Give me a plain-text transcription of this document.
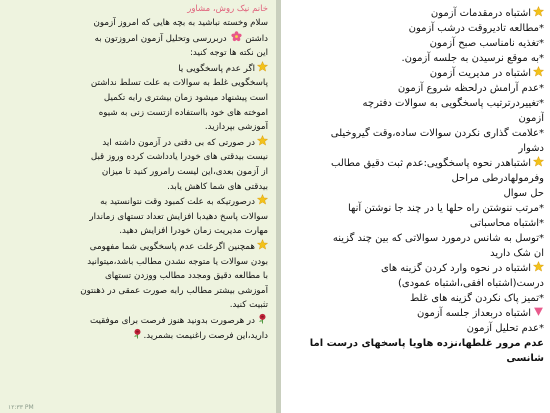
خانم نیک روش، مشاور
سلام وخسته نباشید به بچه هایی که امروز آزمون
داشتن  دربررسی وتحلیل آزمون امروزتون به
این نکته ها توجه کنید:
اگر عدم پاسخگویی یا
پاسخگویی غلط به سوالات به علت تسلط نداشتن
است پیشنهاد میشود زمان بیشتری رابه تکمیل
اموخته های خود بااستفاده ازتست زنی به شیوه
آموزشی بپردازید.
در صورتی که بی دقتی در آزمون داشته اید
نیست بیدقتی های خودرا یادداشت کرده وروز قبل
از آزمون بعدی،این لیست رامرور کنید تا میزان
بیدقتی های شما کاهش یابد.
درصورتیکه به علت کمبود وقت نتوانستید به
سوالات پاسخ دهیدبا افزایش تعداد تستهای زماندار
مهارت مدیریت زمان خودرا افزایش دهید.
همچنین اگرعلت عدم پاسخگویی شما مفهومی
بودن سوالات یا متوجه نشدن مطالب باشد،میتوانید
با مطالعه دقیق ومجدد مطالب ووزدن تستهای
آموزشی بیشتر مطالب رابه صورت عمقی در ذهنتون
تثبیت کنید.
در هرصورت بدونید هنوز فرصت برای موفقیت
دارید،این فرصت راغنیمت بشمرید.
۱۲:۳۳ PM
اشتباه درمقدمات آزمون
*مطالعه تادیروقت درشب آزمون
*تغذیه نامناسب صبح آزمون
*به موقع نرسیدن به جلسه آزمون.
اشتباه در مدیریت آزمون
*عدم آرامش درلحظه شروع آزمون
*تغییردرترتیب پاسخگویی به سوالات دفترچه
آزمون
*علامت گذاری نکردن سوالات ساده،وقت گیروخیلی
دشوار
اشتباهدر نحوه پاسخگویی:عدم ثبت دقیق مطالب
وفرمولهادرطی مراحل
حل سوال
*مرتب ننوشتن راه حلها یا در چند جا نوشتن آنها
*اشتباه محاسباتی
*توسل به شانس درمورد سوالاتی که بین چند گزینه
ان شک دارید
اشتباه در نحوه وارد کردن گزینه های
درست(اشتباه افقی،اشتباه عمودی)
*تمیز پاک نکردن گزینه های غلط
اشتباه دربعداز جلسه آزمون
*عدم تحلیل آزمون
عدم مرور غلطها،نزده هاویا پاسخهای درست اما
شانسی
